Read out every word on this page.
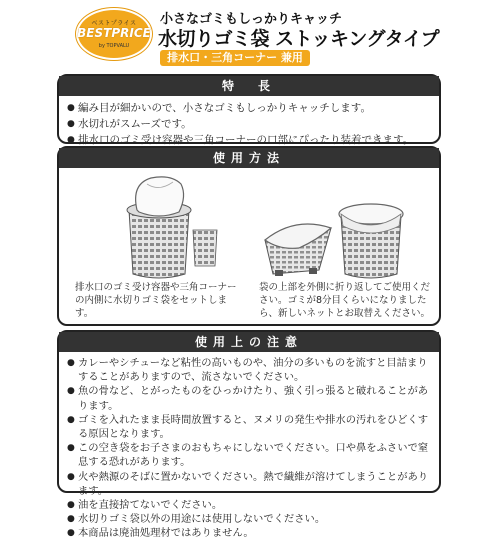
ベストプライス
BESTPRICE
by TOPVALU
小さなゴミもしっかりキャッチ
水切りゴミ袋 ストッキングタイプ
排水口・三角コーナー 兼用
特　長
● 編み目が細かいので、小さなゴミもしっかりキャッチします。
● 水切れがスムーズです。
● 排水口のゴミ受け容器や三角コーナーの口部にぴったり装着できます。
使用方法
排水口のゴミ受け容器や三角コーナーの内側に水切りゴミ袋をセットします。
袋の上部を外側に折り返してご使用ください。ゴミが8分目くらいになりましたら、新しいネットとお取替えください。
使用上の注意
● カレーやシチューなど粘性の高いものや、油分の多いものを流すと目詰まりすることがありますので、流さないでください。
● 魚の骨など、とがったものをひっかけたり、強く引っ張ると破れることがあります。
● ゴミを入れたまま長時間放置すると、ヌメリの発生や排水の汚れをひどくする原因となります。
● この空き袋をお子さまのおもちゃにしないでください。口や鼻をふさいで窒息する恐れがあります。
● 火や熱源のそばに置かないでください。熱で繊維が溶けてしまうことがあります。
● 油を直接捨てないでください。
● 水切りゴミ袋以外の用途には使用しないでください。
● 本商品は廃油処理材ではありません。
